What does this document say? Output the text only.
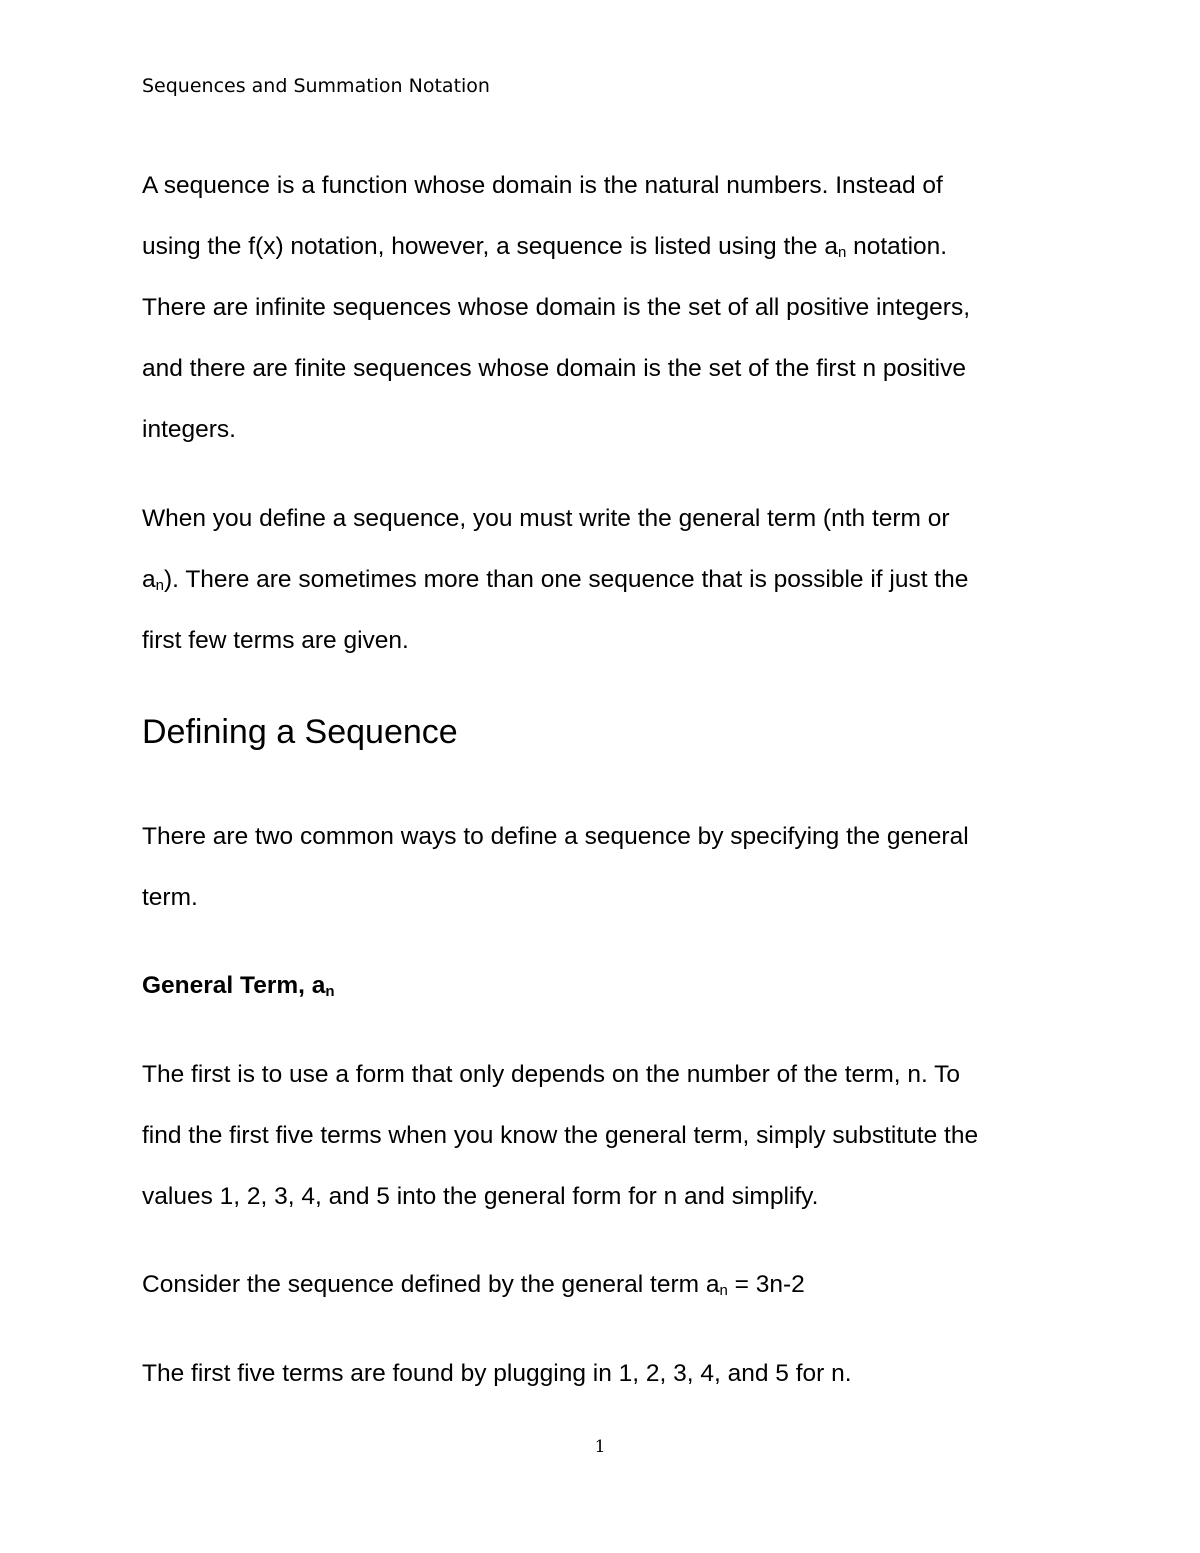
Sequences and Summation Notation

A sequence is a function whose domain is the natural numbers. Instead of
using the f(x) notation, however, a sequence is listed using the $a_n$ notation.
There are infinite sequences whose domain is the set of all positive integers,
and there are finite sequences whose domain is the set of the first n positive
integers.

When you define a sequence, you must write the general term (nth term or
$a_n$). There are sometimes more than one sequence that is possible if just the
first few terms are given.

Defining a Sequence

There are two common ways to define a sequence by specifying the general
term.

General Term, $a_n$

The first is to use a form that only depends on the number of the term, n. To
find the first five terms when you know the general term, simply substitute the
values 1, 2, 3, 4, and 5 into the general form for n and simplify.

Consider the sequence defined by the general term $a_n = 3n-2$

The first five terms are found by plugging in 1, 2, 3, 4, and 5 for n.

1
